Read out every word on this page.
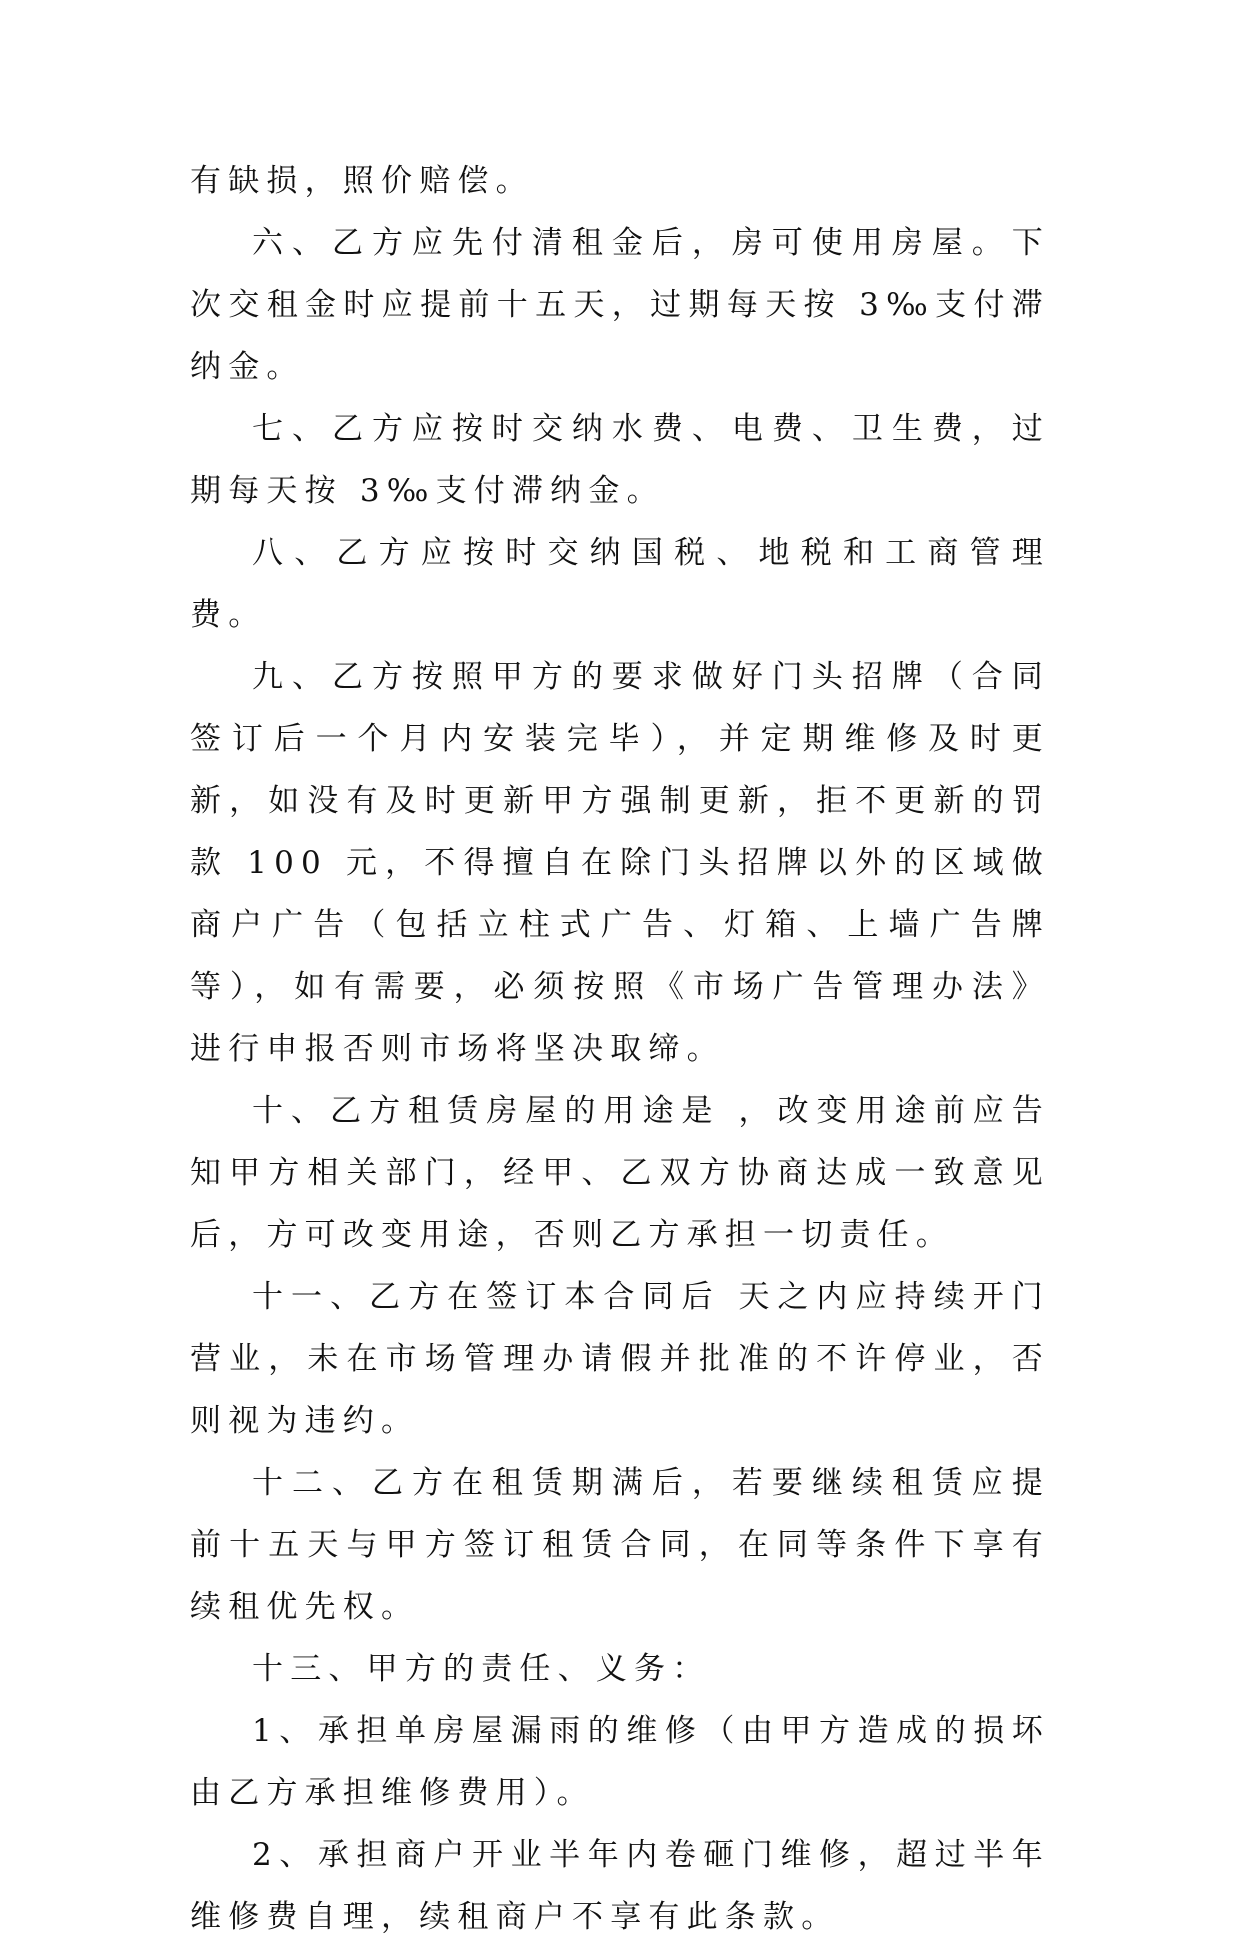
有缺损，照价赔偿。

六、乙方应先付清租金后，房可使用房屋。下次交租金时应提前十五天，过期每天按 3‰支付滞纳金。

七、乙方应按时交纳水费、电费、卫生费，过期每天按 3‰支付滞纳金。

八、乙方应按时交纳国税、地税和工商管理费。

九、乙方按照甲方的要求做好门头招牌（合同签订后一个月内安装完毕），并定期维修及时更新，如没有及时更新甲方强制更新，拒不更新的罚款 100 元，不得擅自在除门头招牌以外的区域做商户广告（包括立柱式广告、灯箱、上墙广告牌等），如有需要，必须按照《市场广告管理办法》进行申报否则市场将坚决取缔。

十、乙方租赁房屋的用途是 ，改变用途前应告知甲方相关部门，经甲、乙双方协商达成一致意见后，方可改变用途，否则乙方承担一切责任。

十一、乙方在签订本合同后 天之内应持续开门营业，未在市场管理办请假并批准的不许停业，否则视为违约。

十二、乙方在租赁期满后，若要继续租赁应提前十五天与甲方签订租赁合同，在同等条件下享有续租优先权。

十三、甲方的责任、义务：

1、承担单房屋漏雨的维修（由甲方造成的损坏由乙方承担维修费用）。

2、承担商户开业半年内卷砸门维修，超过半年维修费自理，续租商户不享有此条款。
